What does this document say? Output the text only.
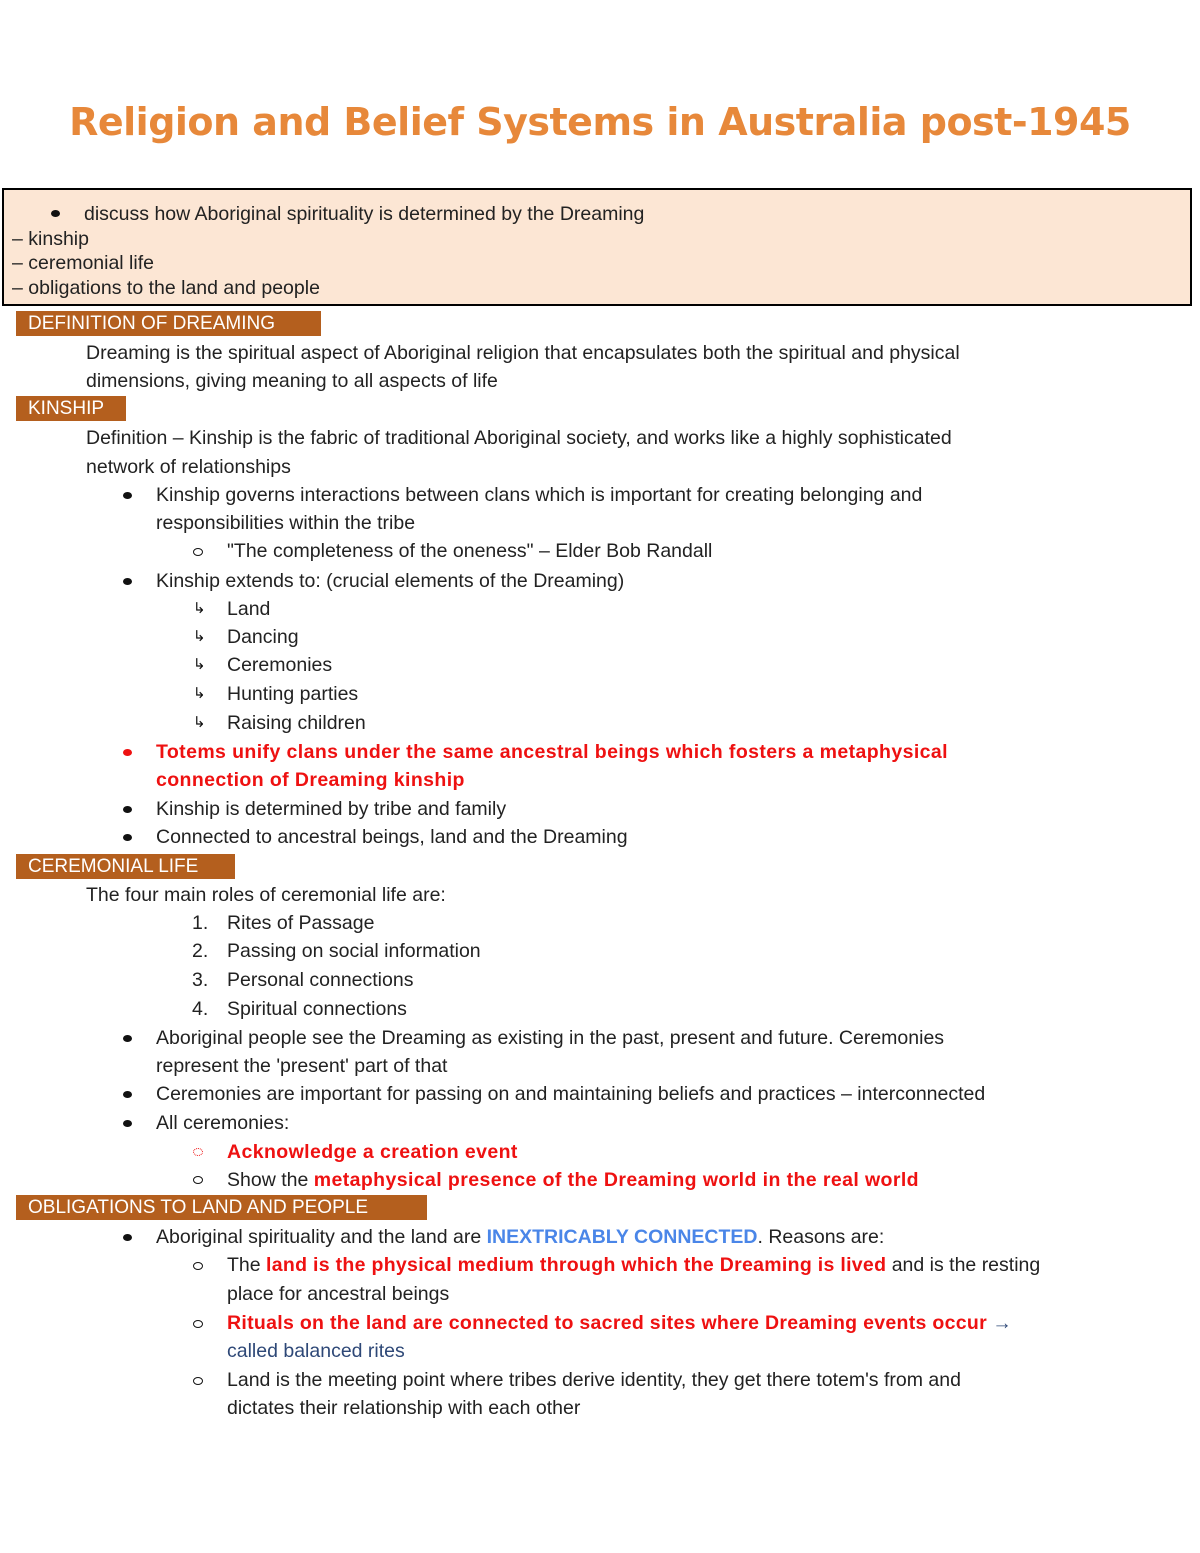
Religion and Belief Systems in Australia post-1945
discuss how Aboriginal spirituality is determined by the Dreaming
– kinship
– ceremonial life
– obligations to the land and people
DEFINITION OF DREAMING
Dreaming is the spiritual aspect of Aboriginal religion that encapsulates both the spiritual and physical
dimensions, giving meaning to all aspects of life
KINSHIP
Definition – Kinship is the fabric of traditional Aboriginal society, and works like a highly sophisticated
network of relationships
Kinship governs interactions between clans which is important for creating belonging and
responsibilities within the tribe
"The completeness of the oneness" – Elder Bob Randall
Kinship extends to: (crucial elements of the Dreaming)
↳ Land
↳ Dancing
↳ Ceremonies
↳ Hunting parties
↳ Raising children
Totems unify clans under the same ancestral beings which fosters a metaphysical
connection of Dreaming kinship
Kinship is determined by tribe and family
Connected to ancestral beings, land and the Dreaming
CEREMONIAL LIFE
The four main roles of ceremonial life are:
1. Rites of Passage
2. Passing on social information
3. Personal connections
4. Spiritual connections
Aboriginal people see the Dreaming as existing in the past, present and future. Ceremonies
represent the 'present' part of that
Ceremonies are important for passing on and maintaining beliefs and practices – interconnected
All ceremonies:
Acknowledge a creation event
Show the metaphysical presence of the Dreaming world in the real world
OBLIGATIONS TO LAND AND PEOPLE
Aboriginal spirituality and the land are INEXTRICABLY CONNECTED. Reasons are:
The land is the physical medium through which the Dreaming is lived and is the resting
place for ancestral beings
Rituals on the land are connected to sacred sites where Dreaming events occur →
called balanced rites
Land is the meeting point where tribes derive identity, they get there totem's from and
dictates their relationship with each other
